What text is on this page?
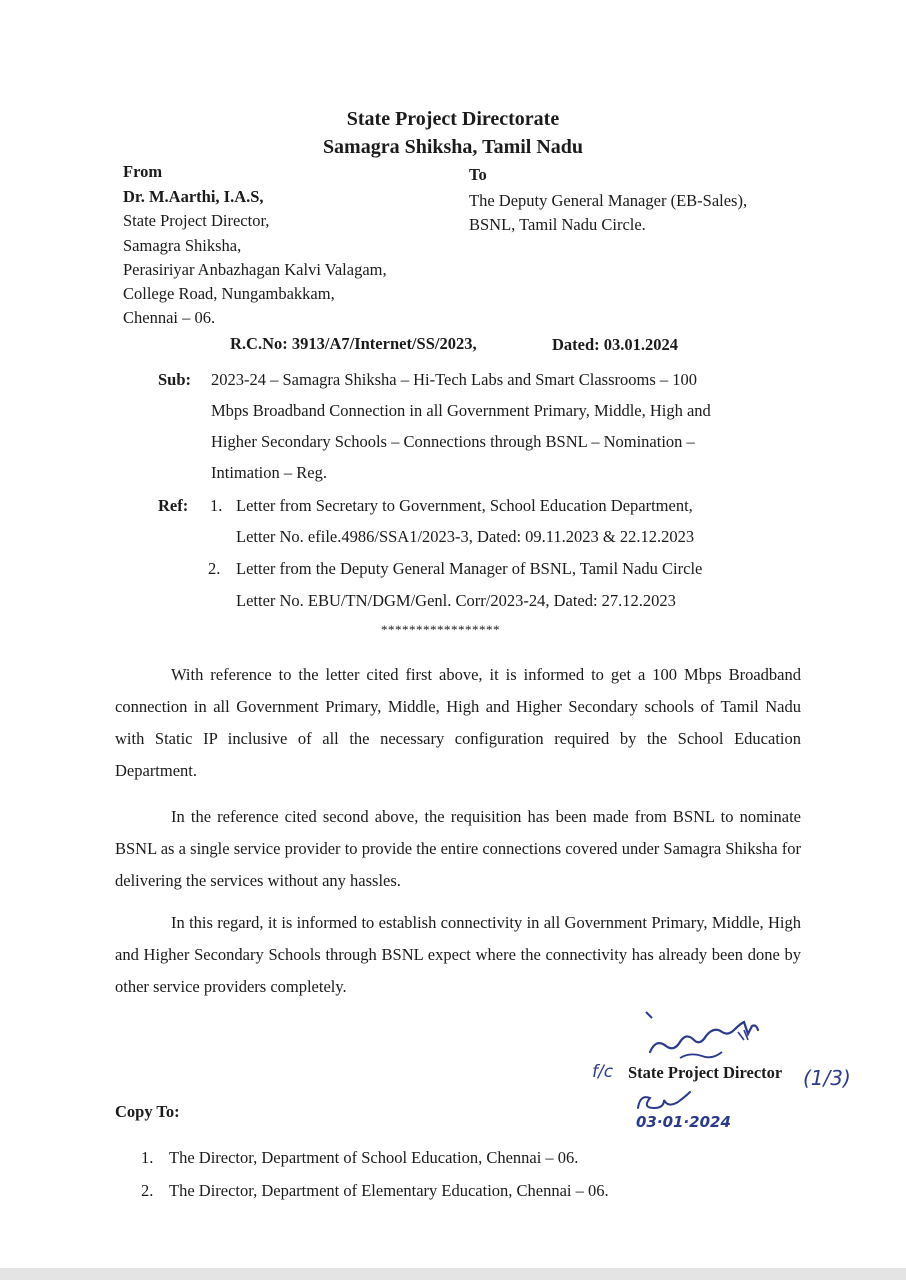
State Project Directorate
Samagra Shiksha, Tamil Nadu
From
Dr. M.Aarthi, I.A.S,
State Project Director,
Samagra Shiksha,
Perasiriyar Anbazhagan Kalvi Valagam,
College Road, Nungambakkam,
Chennai – 06.
To
The Deputy General Manager (EB-Sales),
BSNL, Tamil Nadu Circle.
R.C.No: 3913/A7/Internet/SS/2023,	Dated: 03.01.2024
Sub: 2023-24 – Samagra Shiksha – Hi-Tech Labs and Smart Classrooms – 100
Mbps Broadband Connection in all Government Primary, Middle, High and
Higher Secondary Schools – Connections through BSNL – Nomination –
Intimation – Reg.
Ref: 1. Letter from Secretary to Government, School Education Department,
Letter No. efile.4986/SSA1/2023-3, Dated: 09.11.2023 & 22.12.2023
2. Letter from the Deputy General Manager of BSNL, Tamil Nadu Circle
Letter No. EBU/TN/DGM/Genl. Corr/2023-24, Dated: 27.12.2023
*****************
With reference to the letter cited first above, it is informed to get a 100 Mbps Broadband connection in all Government Primary, Middle, High and Higher Secondary schools of Tamil Nadu with Static IP inclusive of all the necessary configuration required by the School Education Department.
In the reference cited second above, the requisition has been made from BSNL to nominate BSNL as a single service provider to provide the entire connections covered under Samagra Shiksha for delivering the services without any hassles.
In this regard, it is informed to establish connectivity in all Government Primary, Middle, High and Higher Secondary Schools through BSNL expect where the connectivity has already been done by other service providers completely.
f/c State Project Director (1/3)
03·01·2024
Copy To:
1. The Director, Department of School Education, Chennai – 06.
2. The Director, Department of Elementary Education, Chennai – 06.
